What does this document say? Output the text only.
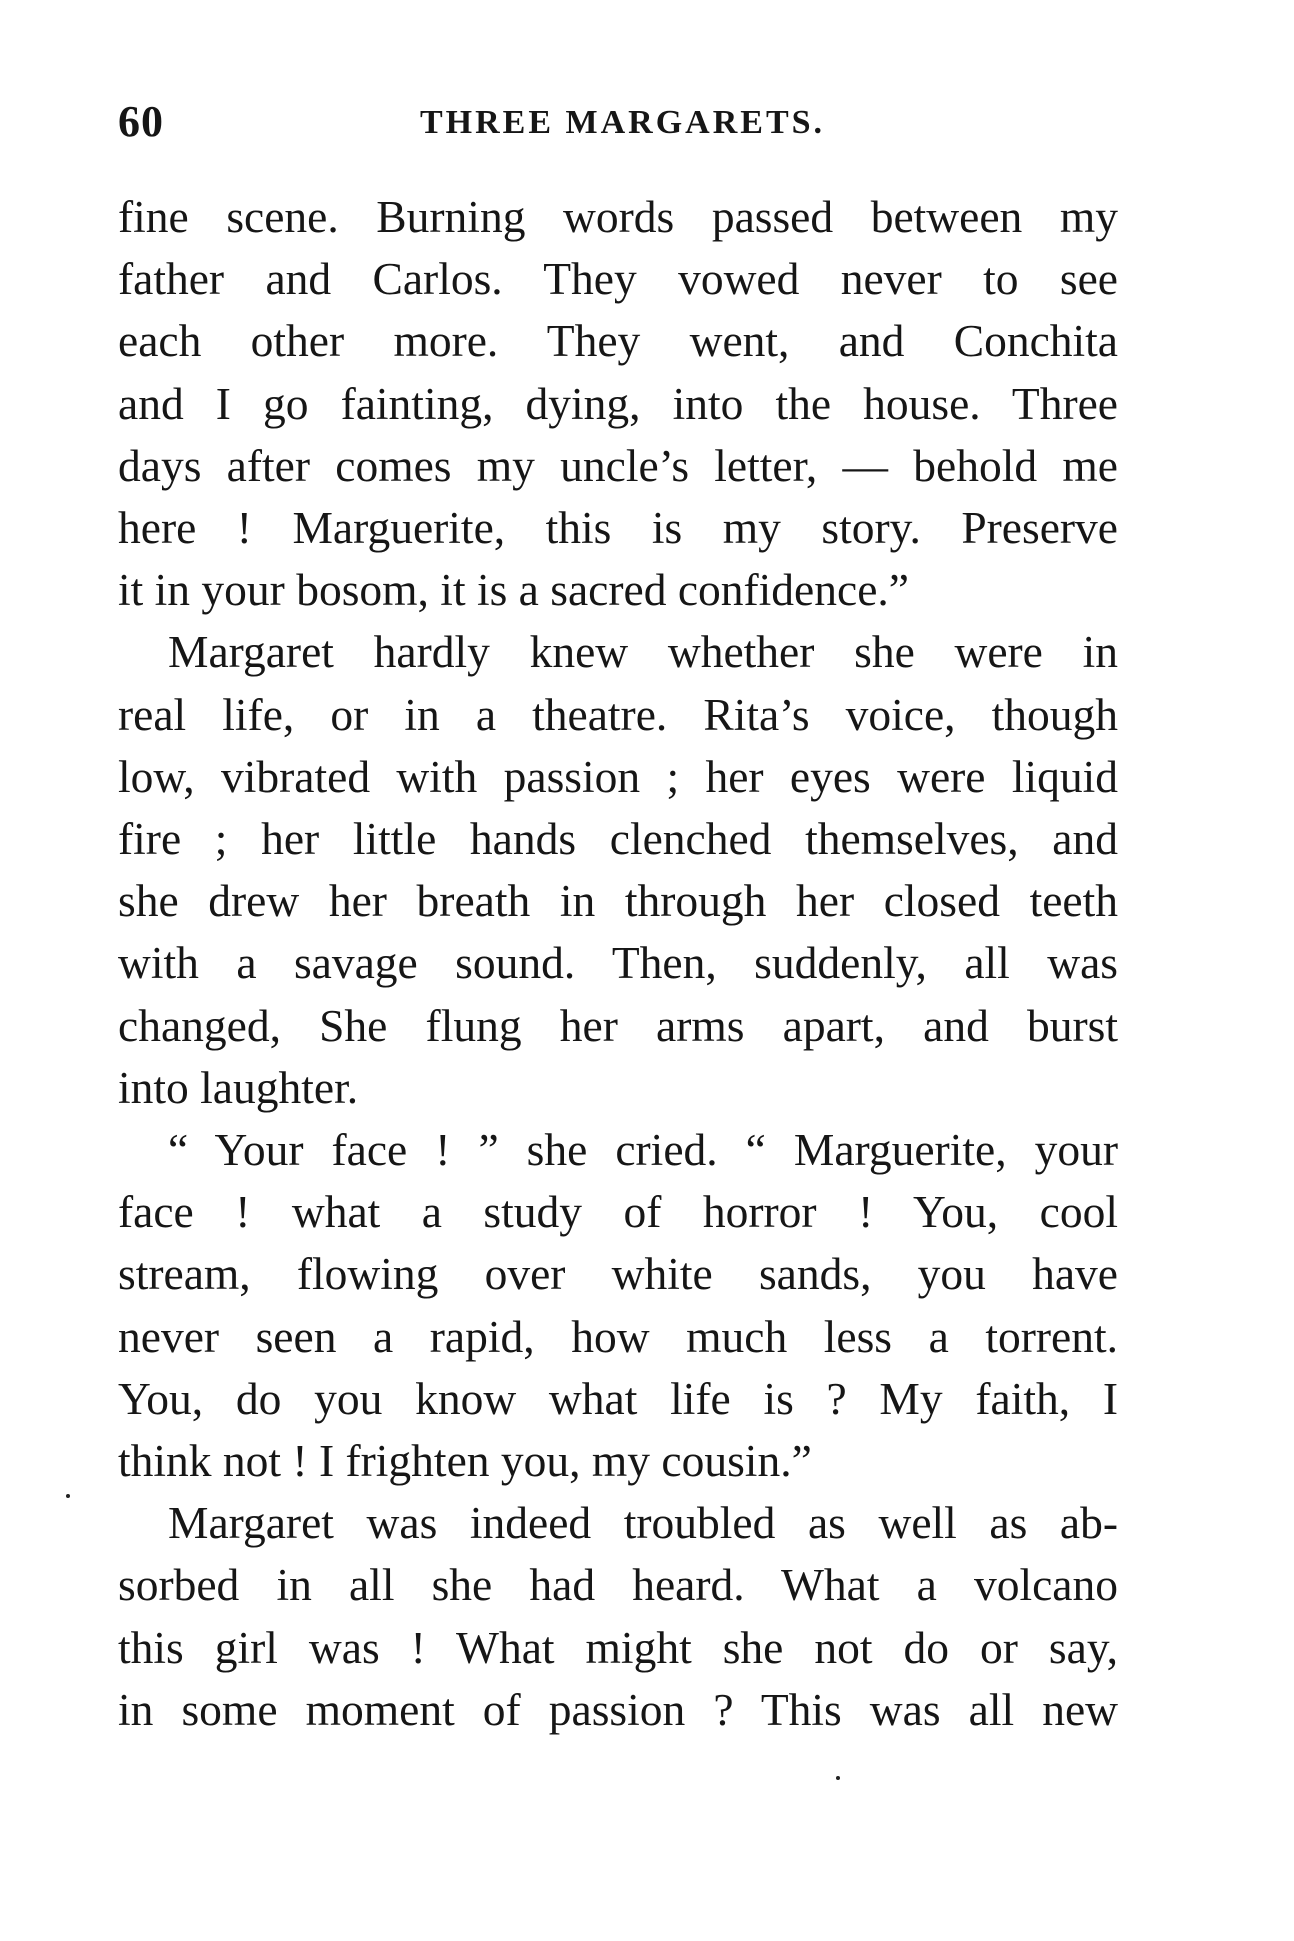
60	THREE MARGARETS.

fine scene. Burning words passed between my
father and Carlos. They vowed never to see
each other more. They went, and Conchita
and I go fainting, dying, into the house. Three
days after comes my uncle’s letter, — behold me
here ! Marguerite, this is my story. Preserve
it in your bosom, it is a sacred confidence.”

Margaret hardly knew whether she were in
real life, or in a theatre. Rita’s voice, though
low, vibrated with passion ; her eyes were liquid
fire ; her little hands clenched themselves, and
she drew her breath in through her closed teeth
with a savage sound. Then, suddenly, all was
changed, She flung her arms apart, and burst
into laughter.

“ Your face ! ” she cried. “ Marguerite, your
face ! what a study of horror ! You, cool
stream, flowing over white sands, you have
never seen a rapid, how much less a torrent.
You, do you know what life is ? My faith, I
think not ! I frighten you, my cousin.”

Margaret was indeed troubled as well as ab-
sorbed in all she had heard. What a volcano
this girl was ! What might she not do or say,
in some moment of passion ? This was all new
